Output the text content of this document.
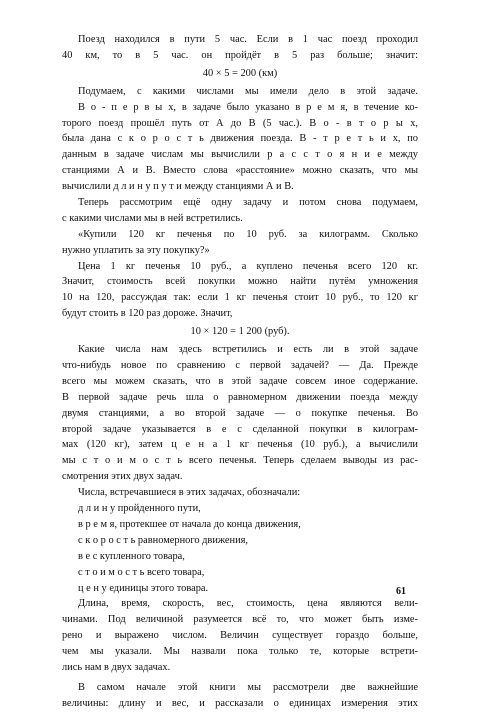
Поезд находился в пути 5 час. Если в 1 час поезд проходил
40 км, то в 5 час. он пройдёт в 5 раз больше; значит:
40 × 5 = 200 (км)
Подумаем, с какими числами мы имели дело в этой задаче.
В о - п е р в ы х, в задаче было указано в р е м я, в течение ко-
торого поезд прошёл путь от А до В (5 час.). В о - в т о р ы х,
была дана с к о р о с т ь движения поезда. В - т р е т ь и х, по
данным в задаче числам мы вычислили р а с с т о я н и е между
станциями А и В. Вместо слова «расстояние» можно сказать, что мы
вычислили д л и н у п у т и между станциями А и В.
Теперь рассмотрим ещё одну задачу и потом снова подумаем,
с какими числами мы в ней встретились.
«Купили 120 кг печенья по 10 руб. за килограмм. Сколько
нужно уплатить за эту покупку?»
Цена 1 кг печенья 10 руб., а куплено печенья всего 120 кг.
Значит, стоимость всей покупки можно найти путём умножения
10 на 120, рассуждая так: если 1 кг печенья стоит 10 руб., то 120 кг
будут стоить в 120 раз дороже. Значит,
10 × 120 = 1 200 (руб).
Какие числа нам здесь встретились и есть ли в этой задаче
что-нибудь новое по сравнению с первой задачей? — Да. Прежде
всего мы можем сказать, что в этой задаче совсем иное содержание.
В первой задаче речь шла о равномерном движении поезда между
двумя станциями, а во второй задаче — о покупке печенья. Во
второй задаче указывается в е с сделанной покупки в килограм-
мах (120 кг), затем ц е н а 1 кг печенья (10 руб.), а вычислили
мы с т о и м о с т ь всего печенья. Теперь сделаем выводы из рас-
смотрения этих двух задач.
Числа, встречавшиеся в этих задачах, обозначали:
д л и н у пройденного пути,
в р е м я, протекшее от начала до конца движения,
с к о р о с т ь равномерного движения,
в е с купленного товара,
с т о и м о с т ь всего товара,
ц е н у единицы этого товара.
Длина, время, скорость, вес, стоимость, цена являются вели-
чинами. Под величиной разумеется всё то, что может быть изме-
рено и выражено числом. Величин существует гораздо больше,
чем мы указали. Мы назвали пока только те, которые встрети-
лись нам в двух задачах.
В самом начале этой книги мы рассмотрели две важнейшие
величины: длину и вес, и рассказали о единицах измерения этих
61
